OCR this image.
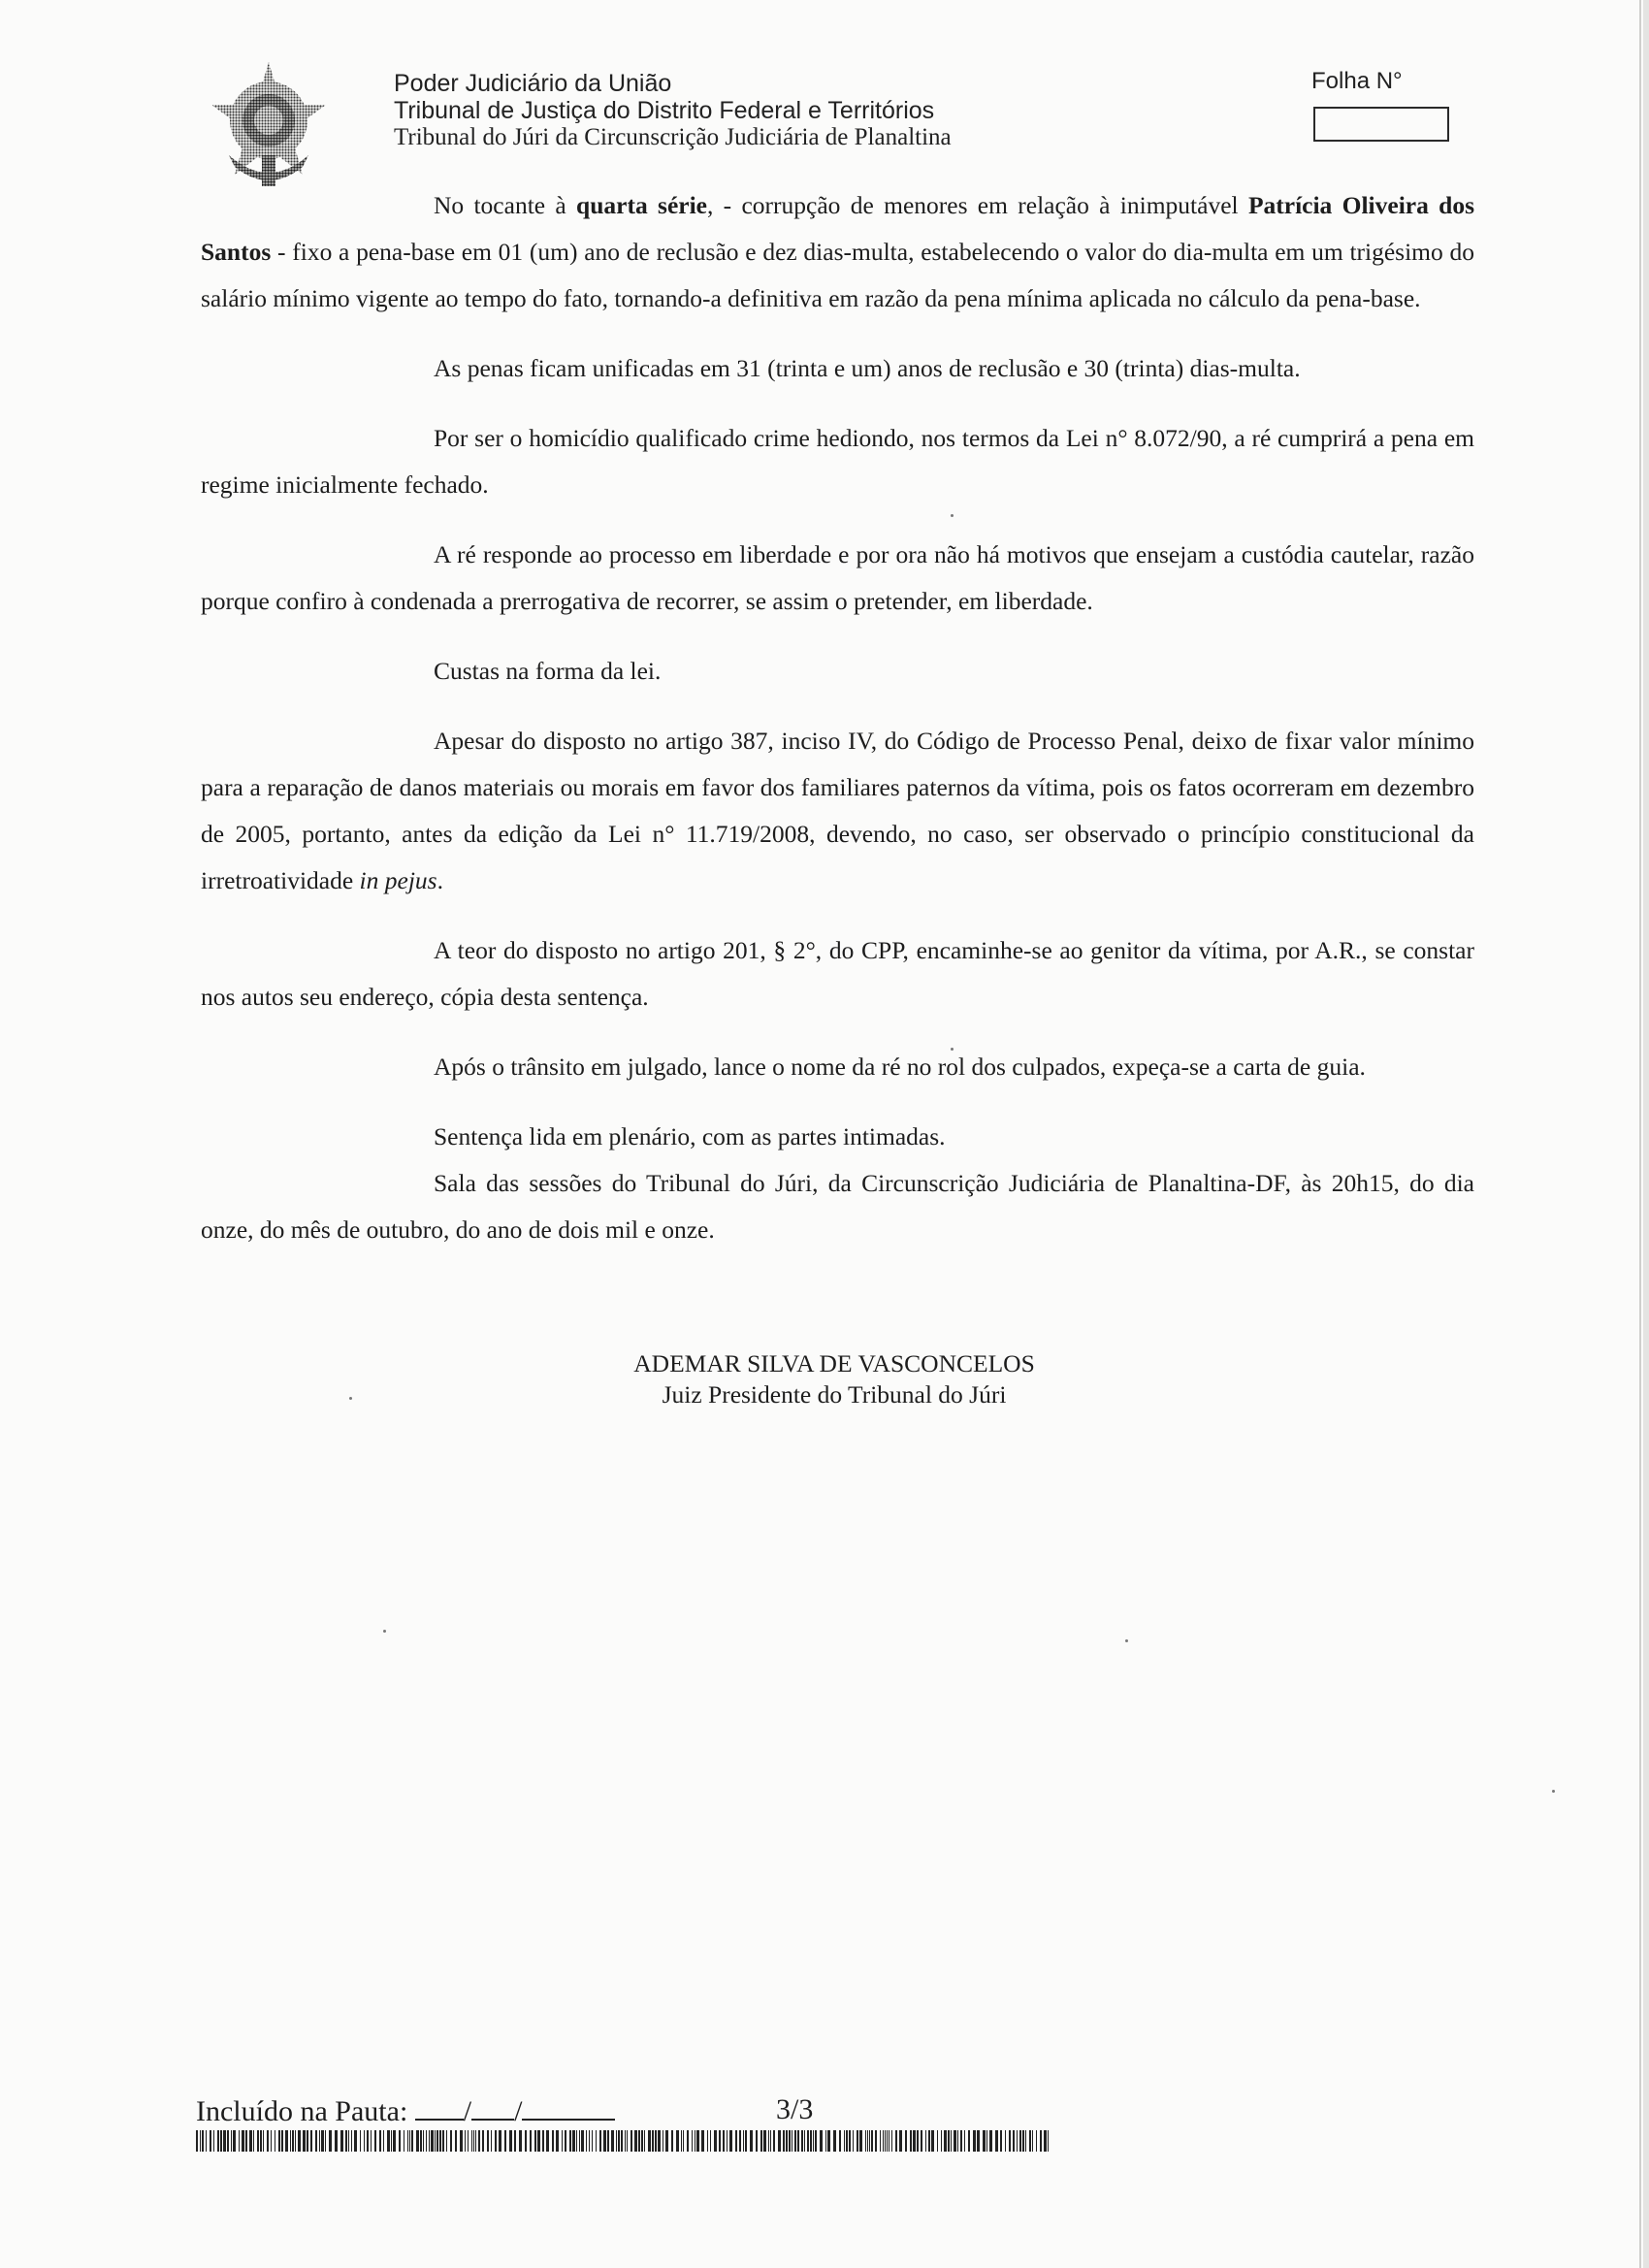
Poder Judiciário da União
Tribunal de Justiça do Distrito Federal e Territórios
Tribunal do Júri da Circunscrição Judiciária de Planaltina
Folha N°

No tocante à quarta série, - corrupção de menores em relação à inimputável Patrícia Oliveira dos Santos - fixo a pena-base em 01 (um) ano de reclusão e dez dias-multa, estabelecendo o valor do dia-multa em um trigésimo do salário mínimo vigente ao tempo do fato, tornando-a definitiva em razão da pena mínima aplicada no cálculo da pena-base.

As penas ficam unificadas em 31 (trinta e um) anos de reclusão e 30 (trinta) dias-multa.

Por ser o homicídio qualificado crime hediondo, nos termos da Lei n° 8.072/90, a ré cumprirá a pena em regime inicialmente fechado.

A ré responde ao processo em liberdade e por ora não há motivos que ensejam a custódia cautelar, razão porque confiro à condenada a prerrogativa de recorrer, se assim o pretender, em liberdade.

Custas na forma da lei.

Apesar do disposto no artigo 387, inciso IV, do Código de Processo Penal, deixo de fixar valor mínimo para a reparação de danos materiais ou morais em favor dos familiares paternos da vítima, pois os fatos ocorreram em dezembro de 2005, portanto, antes da edição da Lei n° 11.719/2008, devendo, no caso, ser observado o princípio constitucional da irretroatividade in pejus.

A teor do disposto no artigo 201, § 2°, do CPP, encaminhe-se ao genitor da vítima, por A.R., se constar nos autos seu endereço, cópia desta sentença.

Após o trânsito em julgado, lance o nome da ré no rol dos culpados, expeça-se a carta de guia.

Sentença lida em plenário, com as partes intimadas.

Sala das sessões do Tribunal do Júri, da Circunscrição Judiciária de Planaltina-DF, às 20h15, do dia onze, do mês de outubro, do ano de dois mil e onze.

ADEMAR SILVA DE VASCONCELOS
Juiz Presidente do Tribunal do Júri
Incluído na Pauta: / /	3/3
